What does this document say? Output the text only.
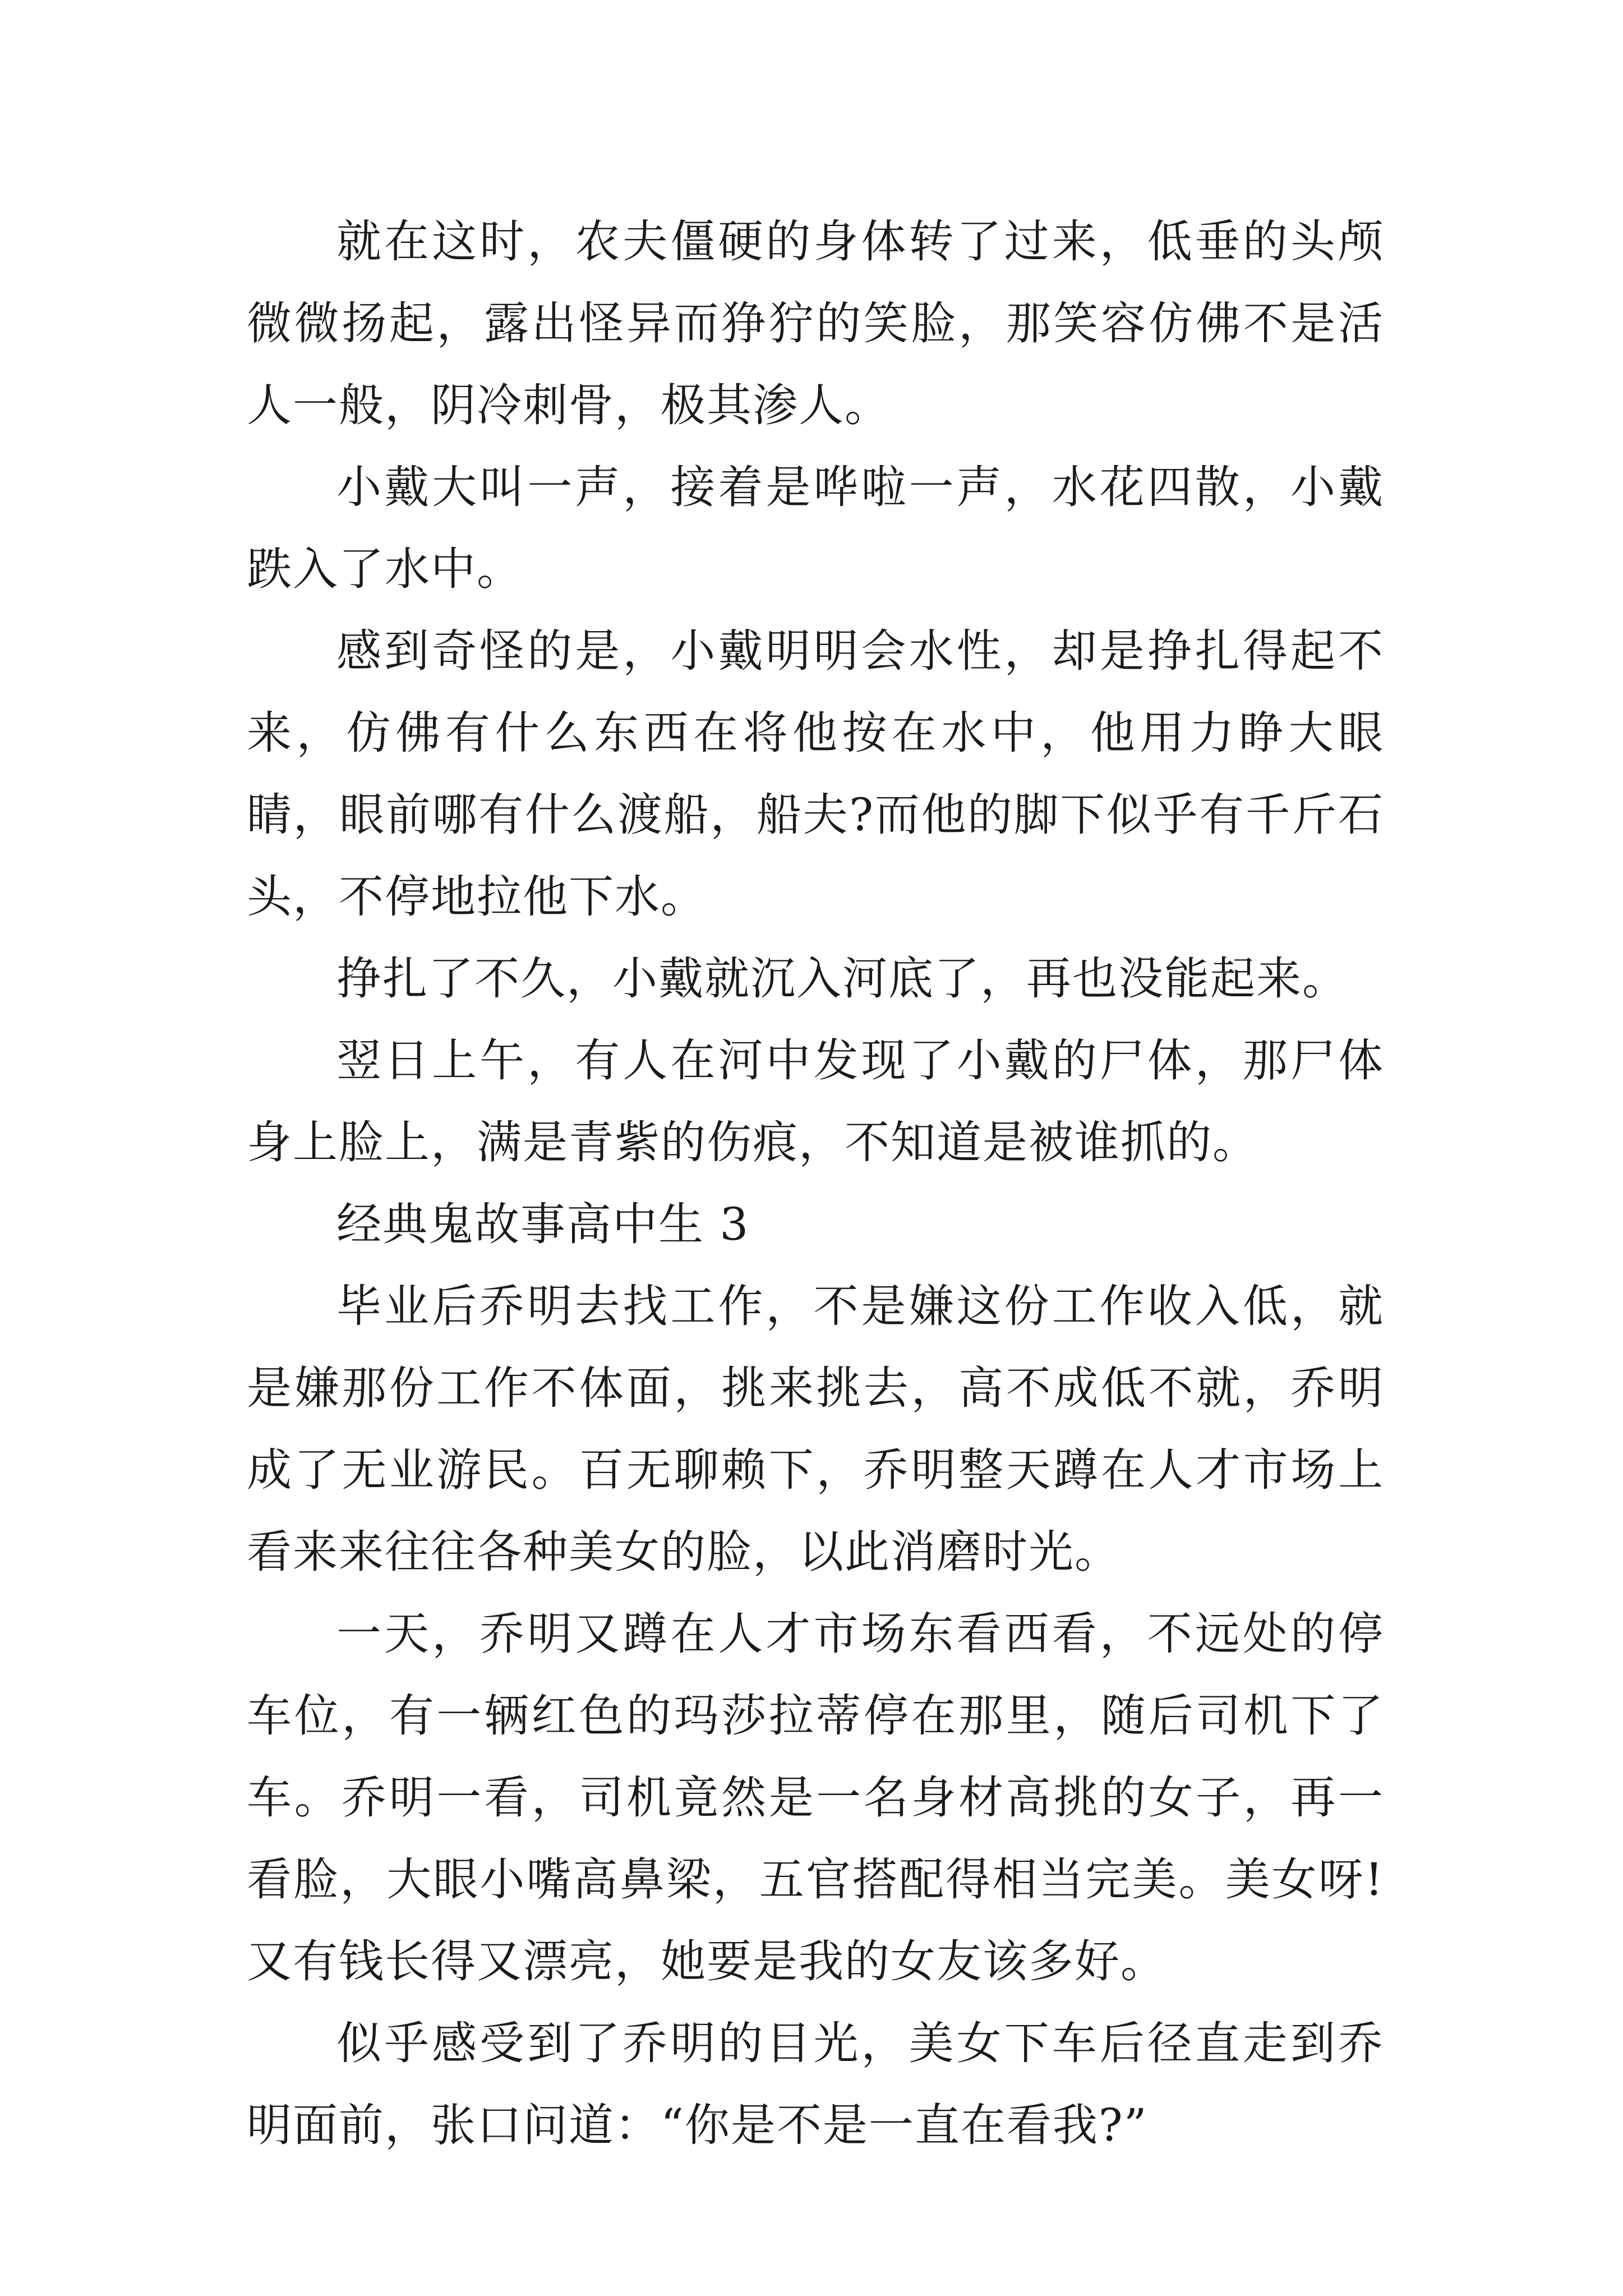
就在这时，农夫僵硬的身体转了过来，低垂的头颅微微扬起，露出怪异而狰狞的笑脸，那笑容仿佛不是活人一般，阴冷刺骨，极其渗人。

小戴大叫一声，接着是哗啦一声，水花四散，小戴跌入了水中。

感到奇怪的是，小戴明明会水性，却是挣扎得起不来，仿佛有什么东西在将他按在水中，他用力睁大眼睛，眼前哪有什么渡船，船夫?而他的脚下似乎有千斤石头，不停地拉他下水。

挣扎了不久，小戴就沉入河底了，再也没能起来。

翌日上午，有人在河中发现了小戴的尸体，那尸体身上脸上，满是青紫的伤痕，不知道是被谁抓的。

经典鬼故事高中生 3

毕业后乔明去找工作，不是嫌这份工作收入低，就是嫌那份工作不体面，挑来挑去，高不成低不就，乔明成了无业游民。百无聊赖下，乔明整天蹲在人才市场上看来来往往各种美女的脸，以此消磨时光。

一天，乔明又蹲在人才市场东看西看，不远处的停车位，有一辆红色的玛莎拉蒂停在那里，随后司机下了车。乔明一看，司机竟然是一名身材高挑的女子，再一看脸，大眼小嘴高鼻梁，五官搭配得相当完美。美女呀!又有钱长得又漂亮，她要是我的女友该多好。

似乎感受到了乔明的目光，美女下车后径直走到乔明面前，张口问道：“你是不是一直在看我?”
